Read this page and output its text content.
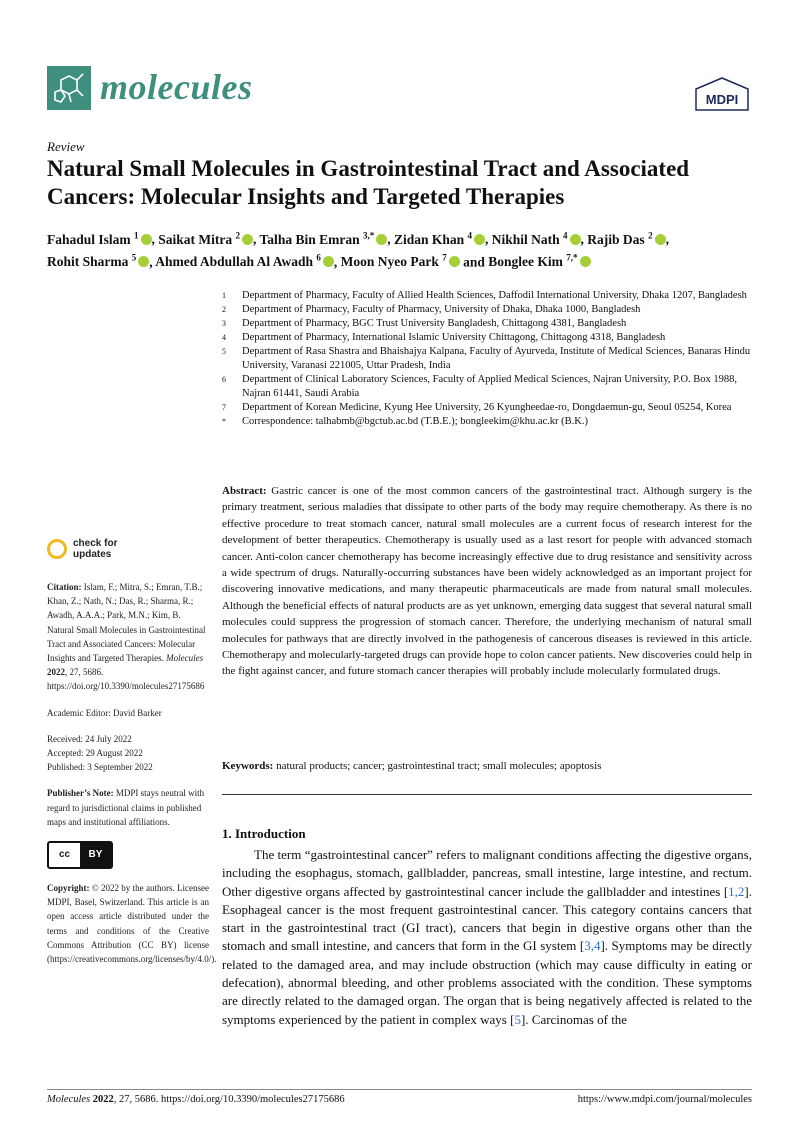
molecules	MDPI
Review
Natural Small Molecules in Gastrointestinal Tract and Associated Cancers: Molecular Insights and Targeted Therapies
Fahadul Islam $^1$ , Saikat Mitra $^2$ , Talha Bin Emran $^{3,*}$ , Zidan Khan $^4$ , Nikhil Nath $^4$ , Rajib Das $^2$ ,
Rohit Sharma $^5$ , Ahmed Abdullah Al Awadh $^6$ , Moon Nyeo Park $^7$ and Bonglee Kim $^{7,*}$
1	Department of Pharmacy, Faculty of Allied Health Sciences, Daffodil International University, Dhaka 1207, Bangladesh
2	Department of Pharmacy, Faculty of Pharmacy, University of Dhaka, Dhaka 1000, Bangladesh
3	Department of Pharmacy, BGC Trust University Bangladesh, Chittagong 4381, Bangladesh
4	Department of Pharmacy, International Islamic University Chittagong, Chittagong 4318, Bangladesh
5	Department of Rasa Shastra and Bhaishajya Kalpana, Faculty of Ayurveda, Institute of Medical Sciences, Banaras Hindu University, Varanasi 221005, Uttar Pradesh, India
6	Department of Clinical Laboratory Sciences, Faculty of Applied Medical Sciences, Najran University, P.O. Box 1988, Najran 61441, Saudi Arabia
7	Department of Korean Medicine, Kyung Hee University, 26 Kyungheedae-ro, Dongdaemun-gu, Seoul 05254, Korea
*	Correspondence: talhabmb@bgctub.ac.bd (T.B.E.); bongleekim@khu.ac.kr (B.K.)
Abstract: Gastric cancer is one of the most common cancers of the gastrointestinal tract. Although surgery is the primary treatment, serious maladies that dissipate to other parts of the body may require chemotherapy. As there is no effective procedure to treat stomach cancer, natural small molecules are a current focus of research interest for the development of better therapeutics. Chemotherapy is usually used as a last resort for people with advanced stomach cancer. Anti-colon cancer chemotherapy has become increasingly effective due to drug resistance and sensitivity across a wide spectrum of drugs. Naturally-occurring substances have been widely acknowledged as an important project for discovering innovative medications, and many therapeutic pharmaceuticals are made from natural small molecules. Although the beneficial effects of natural products are as yet unknown, emerging data suggest that several natural small molecules could suppress the progression of stomach cancer. Therefore, the underlying mechanism of natural small molecules for pathways that are directly involved in the pathogenesis of cancerous diseases is reviewed in this article. Chemotherapy and molecularly-targeted drugs can provide hope to colon cancer patients. New discoveries could help in the fight against cancer, and future stomach cancer therapies will probably include molecularly formulated drugs.
Keywords: natural products; cancer; gastrointestinal tract; small molecules; apoptosis
check for
updates
Citation: Islam, F.; Mitra, S.; Emran, T.B.; Khan, Z.; Nath, N.; Das, R.; Sharma, R.; Awadh, A.A.A.; Park, M.N.; Kim, B. Natural Small Molecules in Gastrointestinal Tract and Associated Cancers: Molecular Insights and Targeted Therapies. Molecules 2022, 27, 5686. https://doi.org/10.3390/molecules27175686
Academic Editor: David Barker
Received: 24 July 2022
Accepted: 29 August 2022
Published: 3 September 2022
Publisher’s Note: MDPI stays neutral with regard to jurisdictional claims in published maps and institutional affiliations.
cc	BY
Copyright: © 2022 by the authors. Licensee MDPI, Basel, Switzerland. This article is an open access article distributed under the terms and conditions of the Creative Commons Attribution (CC BY) license (https://creativecommons.org/licenses/by/4.0/).
1. Introduction

The term “gastrointestinal cancer” refers to malignant conditions affecting the digestive organs, including the esophagus, stomach, gallbladder, pancreas, small intestine, large intestine, and rectum. Other digestive organs affected by gastrointestinal cancer include the gallbladder and intestines [1,2]. Esophageal cancer is the most frequent gastrointestinal cancer. This category contains cancers that start in the gastrointestinal tract (GI tract), cancers that begin in digestive organs other than the stomach and small intestine, and cancers that form in the GI system [3,4]. Symptoms may be directly related to the damaged area, and may include obstruction (which may cause difficulty in eating or defecation), abnormal bleeding, and other problems associated with the condition. These symptoms are directly related to the damaged organ. The organ that is being negatively affected is related to the symptoms experienced by the patient in complex ways [5]. Carcinomas of the

Molecules 2022, 27, 5686. https://doi.org/10.3390/molecules27175686	https://www.mdpi.com/journal/molecules
